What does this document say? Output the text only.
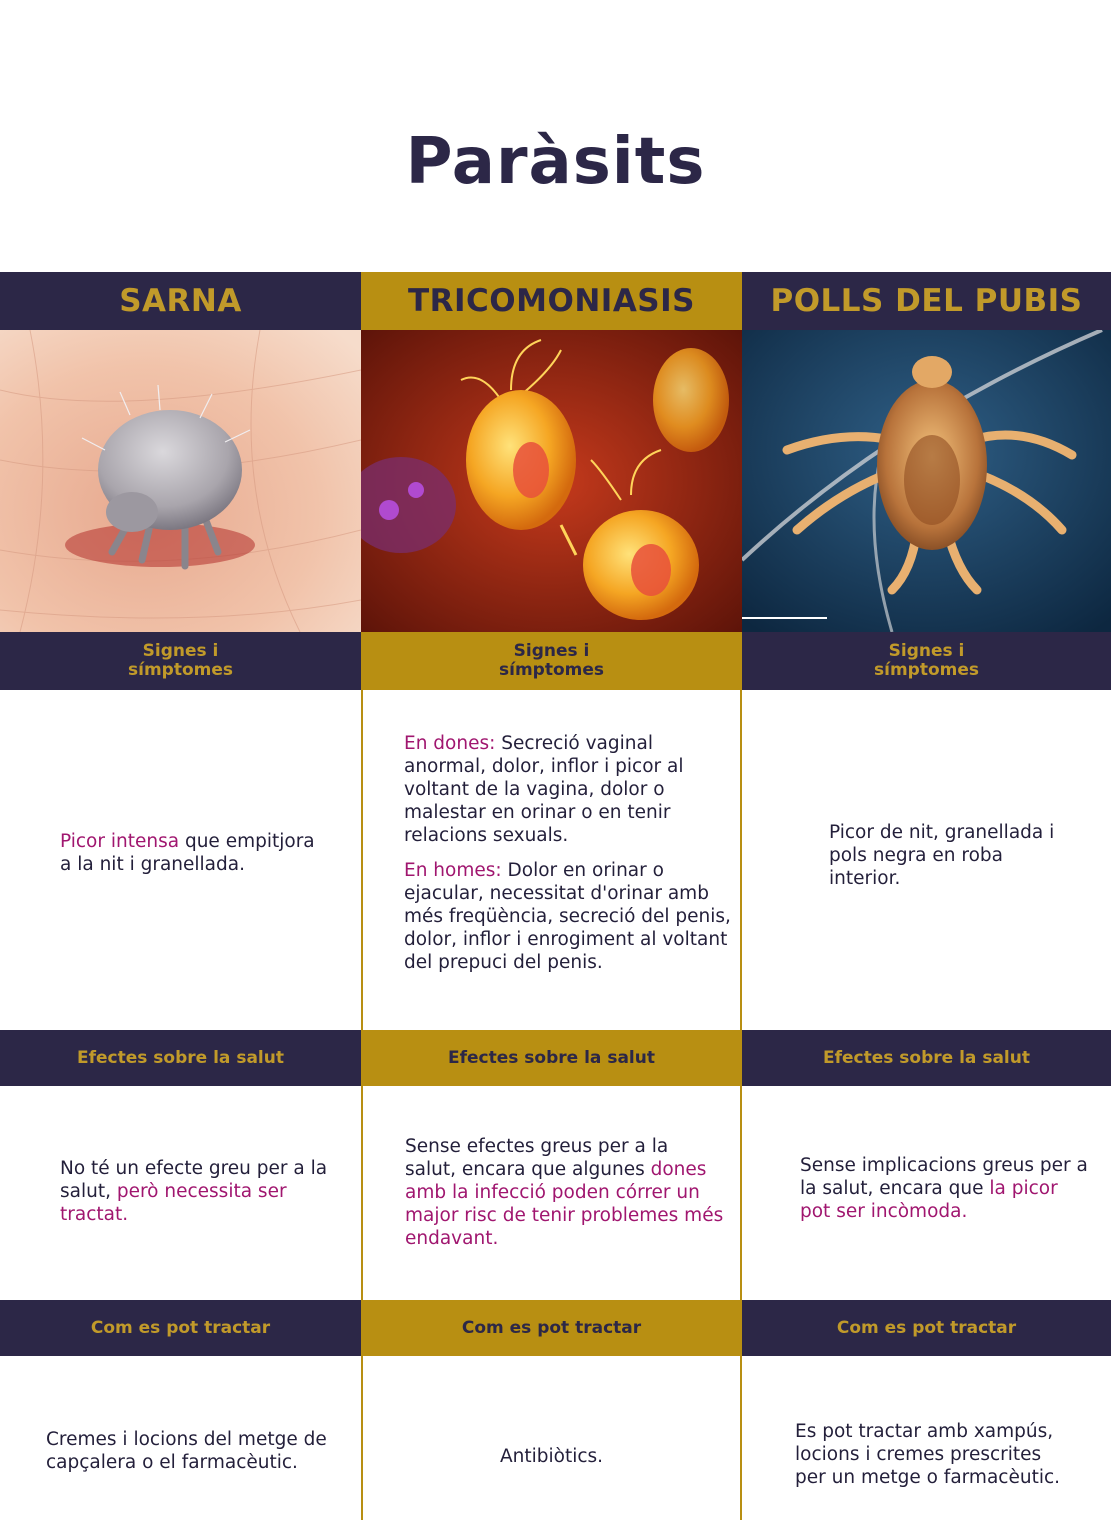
Paràsits
SARNA
Signes i símptomes

Picor intensa que empitjora a la nit i granellada.

Efectes sobre la salut

No té un efecte greu per a la salut, però necessita ser tractat.

Com es pot tractar

Cremes i locions del metge de capçalera o el farmacèutic.

TRICOMONIASIS
Signes i símptomes
En dones: Secreció vaginal anormal, dolor, inflor i picor al voltant de la vagina, dolor o malestar en orinar o en tenir relacions sexuals.
En homes: Dolor en orinar o ejacular, necessitat d'orinar amb més freqüència, secreció del penis, dolor, inflor i enrogiment al voltant del prepuci del penis.
Efectes sobre la salut

Sense efectes greus per a la salut, encara que algunes dones amb la infecció poden córrer un major risc de tenir problemes més endavant.

Com es pot tractar

Antibiòtics.

POLLS DEL PUBIS
Signes i símptomes

Picor de nit, granellada i pols negra en roba interior.

Efectes sobre la salut

Sense implicacions greus per a la salut, encara que la picor pot ser incòmoda.

Com es pot tractar

Es pot tractar amb xampús, locions i cremes prescrites per un metge o farmacèutic.
